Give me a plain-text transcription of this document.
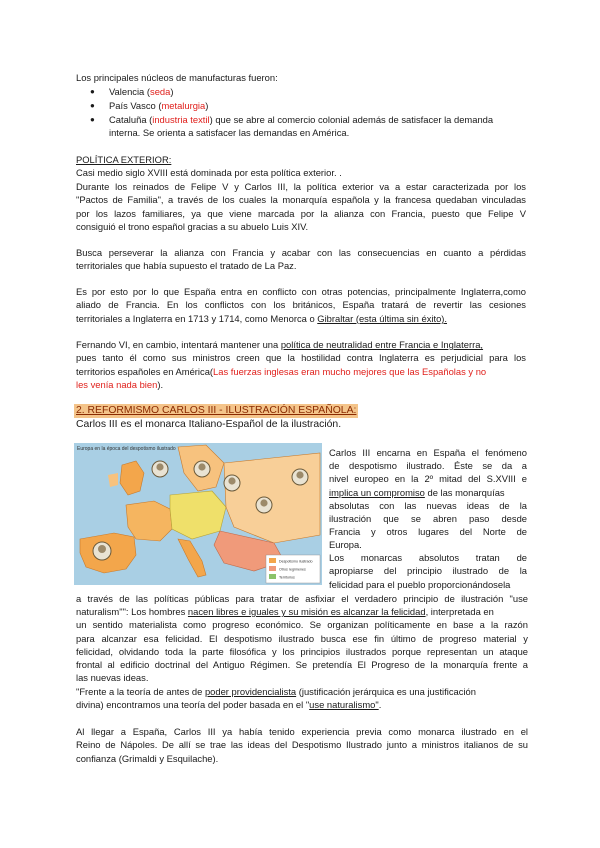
Los principales núcleos de manufacturas fueron:

● Valencia (seda)

● País Vasco (metalurgia)

● Cataluña (industria textil) que se abre al comercio colonial además de satisfacer la demanda

interna. Se orienta a satisfacer las demandas en América.

POLÍTICA EXTERIOR:

Casi medio siglo XVIII está dominada por esta política exterior. .

Durante los reinados de Felipe V y Carlos III, la política exterior va a estar caracterizada por los

"Pactos de Familia", a través de los cuales la monarquía española y la francesa quedaban vinculadas

por los lazos familiares, ya que viene marcada por la alianza con Francia, puesto que Felipe V

consiguió el trono español gracias a su abuelo Luis XIV.

Busca perseverar la alianza con Francia y acabar con las consecuencias en cuanto a pérdidas

territoriales que había supuesto el tratado de La Paz.

Es por esto por lo que España entra en conflicto con otras potencias, principalmente Inglaterra,como

aliado de Francia. En los conflictos con los británicos, España tratará de revertir las cesiones

territoriales a Inglaterra en 1713 y 1714, como Menorca o Gibraltar (esta última sin éxito).

Fernando VI, en cambio, intentará mantener una política de neutralidad entre Francia e Inglaterra,

pues tanto él como sus ministros creen que la hostilidad contra Inglaterra es perjudicial para los

territorios españoles en América(Las fuerzas inglesas eran mucho mejores que las Españolas y no

les venía nada bien).

2. REFORMISMO CARLOS III - ILUSTRACIÓN ESPAÑOLA:

Carlos III es el monarca Italiano-Español de la ilustración.

Europa en la época del despotismo ilustrado
Despotismo ilustrado
Otros regímenes
Territorios

Carlos III encarna en España el fenómeno

de despotismo ilustrado. Éste se da a

nivel europeo en la 2º mitad del S.XVIII e

implica un compromiso de las monarquías

absolutas con las nuevas ideas de la

ilustración que se abren paso desde

Francia y otros lugares del Norte de

Europa.

Los monarcas absolutos tratan de

apropiarse del principio ilustrado de la

felicidad para el pueblo proporcionándosela

a través de las políticas públicas para tratar de asfixiar el verdadero principio de ilustración "use

naturalism"": Los hombres nacen libres e iguales y su misión es alcanzar la felicidad, interpretada en

un sentido materialista como progreso económico. Se organizan políticamente en base a la razón

para alcanzar esa felicidad. El despotismo ilustrado busca ese fin último de progreso material y

felicidad, olvidando toda la parte filosófica y los principios ilustrados porque representan un ataque

frontal al edificio doctrinal del Antiguo Régimen. Se pretendía El Progreso de la monarquía frente a

las nuevas ideas.

"Frente a la teoría de antes de poder providencialista (justificación jerárquica es una justificación

divina) encontramos una teoría del poder basada en el "use naturalismo".

Al llegar a España, Carlos III ya había tenido experiencia previa como monarca ilustrado en el

Reino de Nápoles. De allí se trae las ideas del Despotismo Ilustrado junto a ministros italianos de su

confianza (Grimaldi y Esquilache).
